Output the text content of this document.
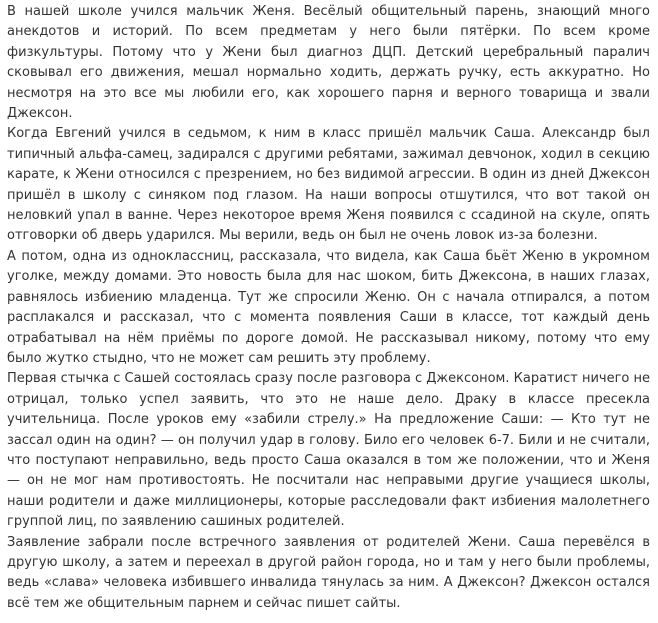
В нашей школе учился мальчик Женя. Весёлый общительный парень, знающий много анекдотов и историй. По всем предметам у него были пятёрки. По всем кроме физкультуры. Потому что у Жени был диагноз ДЦП. Детский церебральный паралич сковывал его движения, мешал нормально ходить, держать ручку, есть аккуратно. Но несмотря на это все мы любили его, как хорошего парня и верного товарища и звали Джексон.

Когда Евгений учился в седьмом, к ним в класс пришёл мальчик Саша. Александр был типичный альфа-самец, задирался с другими ребятами, зажимал девчонок, ходил в секцию карате, к Жени относился с презрением, но без видимой агрессии. В один из дней Джексон пришёл в школу с синяком под глазом. На наши вопросы отшутился, что вот такой он неловкий упал в ванне. Через некоторое время Женя появился с ссадиной на скуле, опять отговорки об дверь ударился. Мы верили, ведь он был не очень ловок из-за болезни.

А потом, одна из одноклассниц, рассказала, что видела, как Саша бьёт Женю в укромном уголке, между домами. Это новость была для нас шоком, бить Джексона, в наших глазах, равнялось избиению младенца. Тут же спросили Женю. Он с начала отпирался, а потом расплакался и рассказал, что с момента появления Саши в классе, тот каждый день отрабатывал на нём приёмы по дороге домой. Не рассказывал никому, потому что ему было жутко стыдно, что не может сам решить эту проблему.

Первая стычка с Сашей состоялась сразу после разговора с Джексоном. Каратист ничего не отрицал, только успел заявить, что это не наше дело. Драку в классе пресекла учительница. После уроков ему «забили стрелу.» На предложение Саши: — Кто тут не зассал один на один? — он получил удар в голову. Било его человек 6-7. Били и не считали, что поступают неправильно, ведь просто Саша оказался в том же положении, что и Женя — он не мог нам противостоять. Не посчитали нас неправыми другие учащиеся школы, наши родители и даже миллиционеры, которые расследовали факт избиения малолетнего группой лиц, по заявлению сашиных родителей.

Заявление забрали после встречного заявления от родителей Жени. Саша перевёлся в другую школу, а затем и переехал в другой район города, но и там у него были проблемы, ведь «слава» человека избившего инвалида тянулась за ним. А Джексон? Джексон остался всё тем же общительным парнем и сейчас пишет сайты.
